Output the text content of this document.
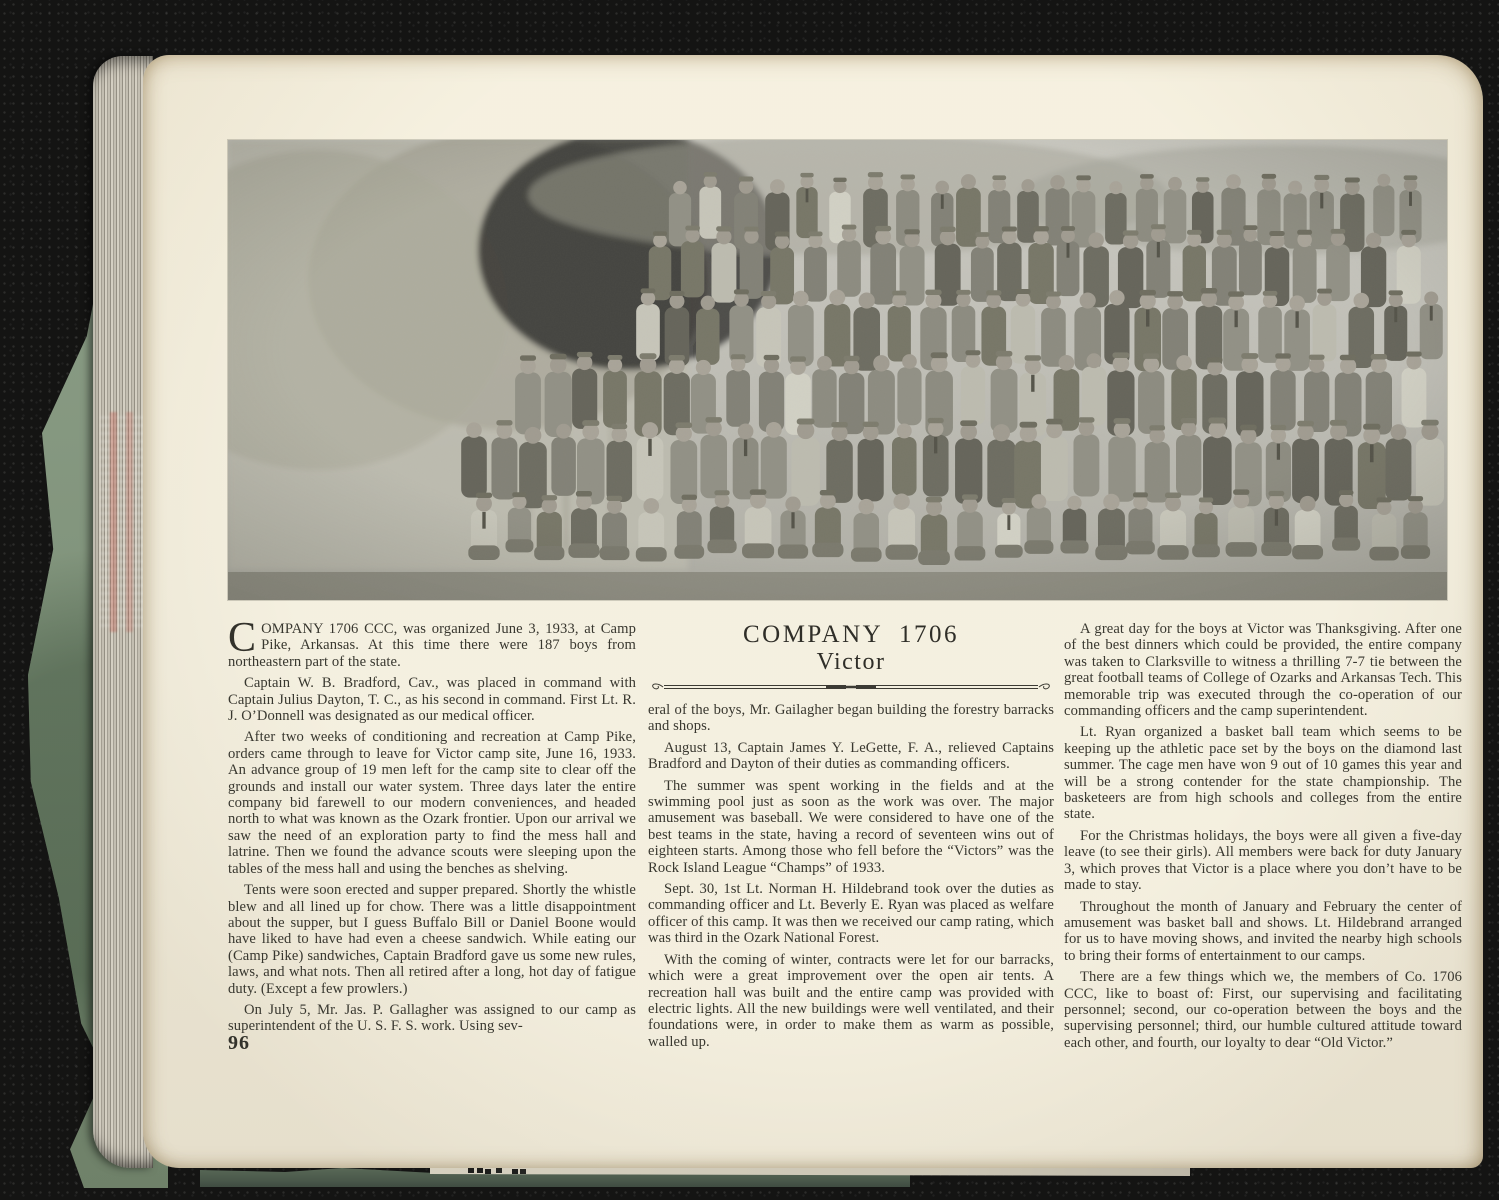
COMPANY 1706 CCC, was organized June 3, 1933, at Camp Pike, Arkansas. At this time there were 187 boys from northeastern part of the state.

Captain W. B. Bradford, Cav., was placed in command with Captain Julius Dayton, T. C., as his second in command. First Lt. R. J. O’Donnell was designated as our medical officer.

After two weeks of conditioning and recreation at Camp Pike, orders came through to leave for Victor camp site, June 16, 1933. An advance group of 19 men left for the camp site to clear off the grounds and install our water system. Three days later the entire company bid farewell to our modern conveniences, and headed north to what was known as the Ozark frontier. Upon our arrival we saw the need of an exploration party to find the mess hall and latrine. Then we found the advance scouts were sleeping upon the tables of the mess hall and using the benches as shelving.

Tents were soon erected and supper prepared. Shortly the whistle blew and all lined up for chow. There was a little disappointment about the supper, but I guess Buffalo Bill or Daniel Boone would have liked to have had even a cheese sandwich. While eating our (Camp Pike) sandwiches, Captain Bradford gave us some new rules, laws, and what nots. Then all retired after a long, hot day of fatigue duty. (Except a few prowlers.)

On July 5, Mr. Jas. P. Gallagher was assigned to our camp as superintendent of the U. S. F. S. work. Using sev-

COMPANY 1706
Victor

eral of the boys, Mr. Gailagher began building the forestry barracks and shops.

August 13, Captain James Y. LeGette, F. A., relieved Captains Bradford and Dayton of their duties as commanding officers.

The summer was spent working in the fields and at the swimming pool just as soon as the work was over. The major amusement was baseball. We were considered to have one of the best teams in the state, having a record of seventeen wins out of eighteen starts. Among those who fell before the “Victors” was the Rock Island League “Champs” of 1933.

Sept. 30, 1st Lt. Norman H. Hildebrand took over the duties as commanding officer and Lt. Beverly E. Ryan was placed as welfare officer of this camp. It was then we received our camp rating, which was third in the Ozark National Forest.

With the coming of winter, contracts were let for our barracks, which were a great improvement over the open air tents. A recreation hall was built and the entire camp was provided with electric lights. All the new buildings were well ventilated, and their foundations were, in order to make them as warm as possible, walled up.

A great day for the boys at Victor was Thanksgiving. After one of the best dinners which could be provided, the entire company was taken to Clarksville to witness a thrilling 7-7 tie between the great football teams of College of Ozarks and Arkansas Tech. This memorable trip was executed through the co-operation of our commanding officers and the camp superintendent.

Lt. Ryan organized a basket ball team which seems to be keeping up the athletic pace set by the boys on the diamond last summer. The cage men have won 9 out of 10 games this year and will be a strong contender for the state championship. The basketeers are from high schools and colleges from the entire state.

For the Christmas holidays, the boys were all given a five-day leave (to see their girls). All members were back for duty January 3, which proves that Victor is a place where you don’t have to be made to stay.

Throughout the month of January and February the center of amusement was basket ball and shows. Lt. Hildebrand arranged for us to have moving shows, and invited the nearby high schools to bring their forms of entertainment to our camps.

There are a few things which we, the members of Co. 1706 CCC, like to boast of: First, our supervising and facilitating personnel; second, our co-operation between the boys and the supervising personnel; third, our humble cultured attitude toward each other, and fourth, our loyalty to dear “Old Victor.”

96
